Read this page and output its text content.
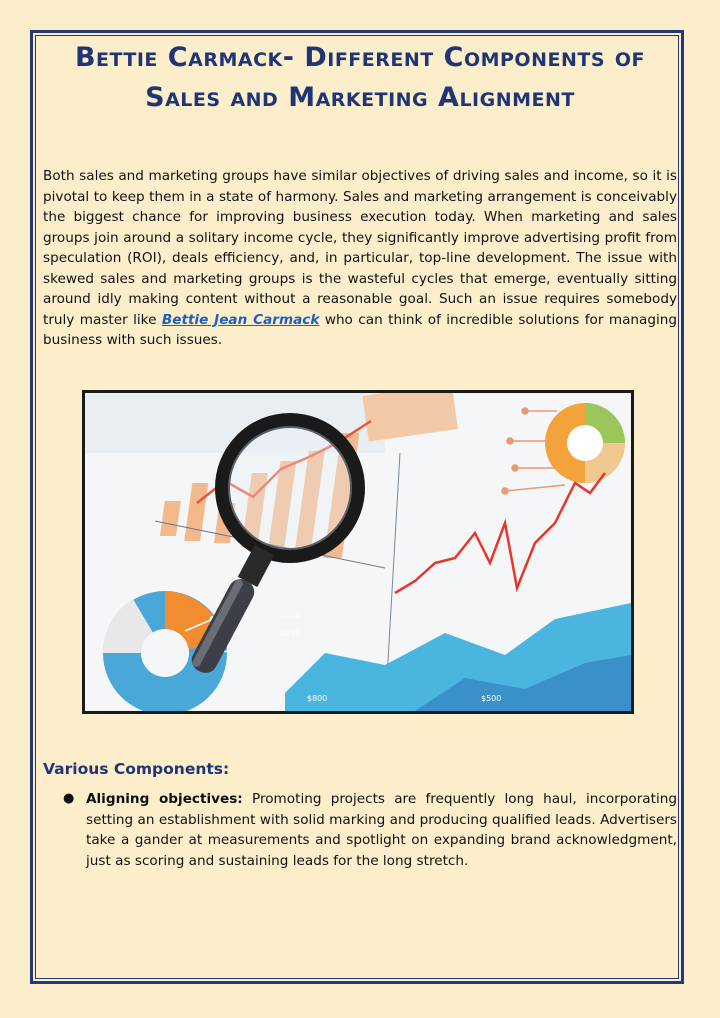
Bettie Carmack- Different Components of Sales and Marketing Alignment

Both sales and marketing groups have similar objectives of driving sales and income, so it is pivotal to keep them in a state of harmony. Sales and marketing arrangement is conceivably the biggest chance for improving business execution today. When marketing and sales groups join around a solitary income cycle, they significantly improve advertising profit from speculation (ROI), deals efficiency, and, in particular, top-line development. The issue with skewed sales and marketing groups is the wasteful cycles that emerge, eventually sitting around idly making content without a reasonable goal. Such an issue requires somebody truly master like Bettie Jean Carmack who can think of incredible solutions for managing business with such issues.

2014
2015
$800	$500
Various Components:
● Aligning objectives: Promoting projects are frequently long haul, incorporating setting an establishment with solid marking and producing qualified leads. Advertisers take a gander at measurements and spotlight on expanding brand acknowledgment, just as scoring and sustaining leads for the long stretch.
